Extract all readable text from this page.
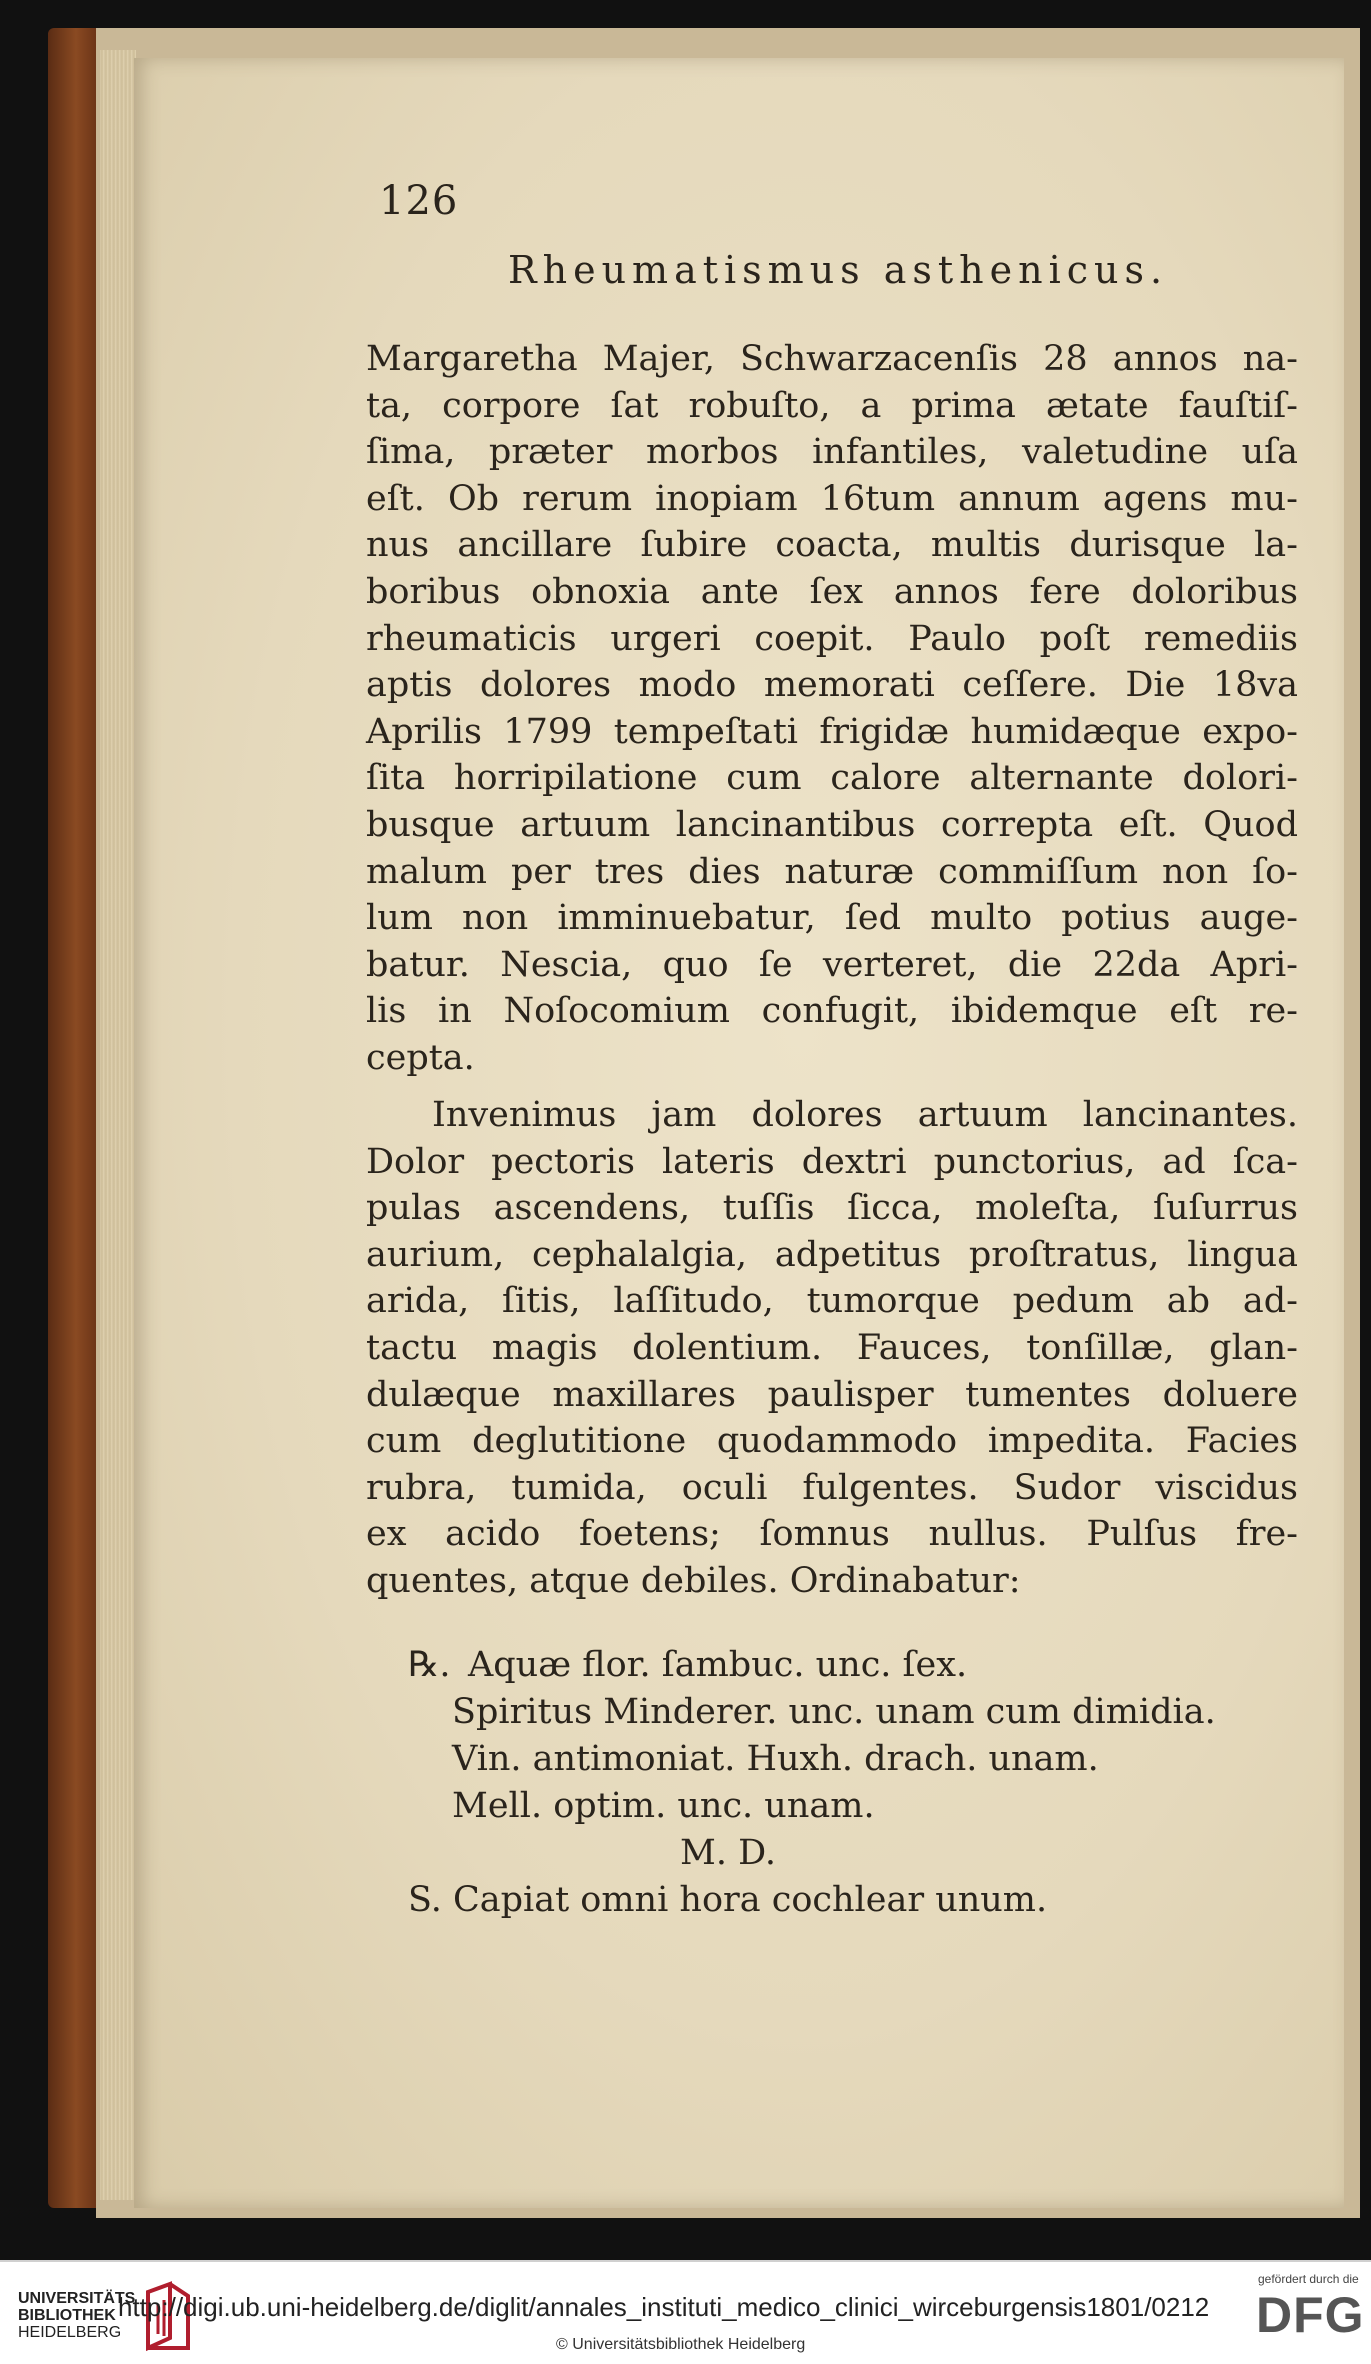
126
Rheumatismus asthenicus.
Margaretha Majer, Schwarzacenſis 28 annos na-
ta, corpore ſat robuſto, a prima ætate fauſtiſ-
ſima, præter morbos infantiles, valetudine uſa
eſt. Ob rerum inopiam 16tum annum agens mu-
nus ancillare ſubire coacta, multis durisque la-
boribus obnoxia ante ſex annos fere doloribus
rheumaticis urgeri coepit. Paulo poſt remediis
aptis dolores modo memorati ceſſere. Die 18va
Aprilis 1799 tempeſtati frigidæ humidæque expo-
ſita horripilatione cum calore alternante dolori-
busque artuum lancinantibus correpta eſt. Quod
malum per tres dies naturæ commiſſum non ſo-
lum non imminuebatur, ſed multo potius auge-
batur. Nescia, quo ſe verteret, die 22da Apri-
lis in Noſocomium confugit, ibidemque eſt re-
cepta.
Invenimus jam dolores artuum lancinantes.
Dolor pectoris lateris dextri punctorius, ad ſca-
pulas ascendens, tuſſis ſicca, moleſta, ſuſurrus
aurium, cephalalgia, adpetitus proſtratus, lingua
arida, ſitis, laſſitudo, tumorque pedum ab ad-
tactu magis dolentium. Fauces, tonſillæ, glan-
dulæque maxillares paulisper tumentes doluere
cum deglutitione quodammodo impedita. Facies
rubra, tumida, oculi fulgentes. Sudor viscidus
ex acido foetens; ſomnus nullus. Pulſus fre-
quentes, atque debiles. Ordinabatur:
℞. Aquæ flor. ſambuc. unc. ſex.
Spiritus Minderer. unc. unam cum dimidia.
Vin. antimoniat. Huxh. drach. unam.
Mell. optim. unc. unam.
M. D.
S. Capiat omni hora cochlear unum.
UNIVERSITÄTS
BIBLIOTHEK
HEIDELBERG
http://digi.ub.uni-heidelberg.de/diglit/annales_instituti_medico_clinici_wirceburgensis1801/0212
© Universitätsbibliothek Heidelberg
gefördert durch die
DFG
